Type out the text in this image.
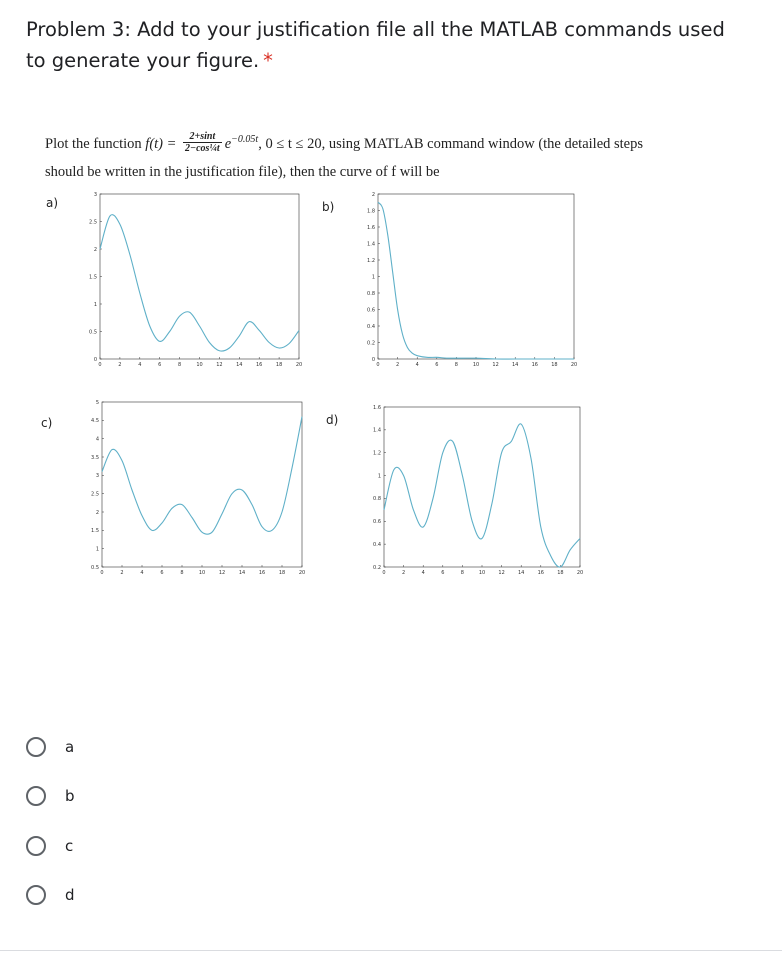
Problem 3: Add to your justification file all the MATLAB commands used to generate your figure. *
Plot the function $f(t) = \frac{2+\sin t}{\text{2−cos¼t}} e^{-0.05t}$, 0 ≤ t ≤ 20, using MATLAB command window (the detailed steps
should be written in the justification file), then the curve of f will be
a)	b)
c)	d)
0	2	4	6	8	10	12	14	16	18	20
0
0.5
1
1.5
2
2.5
3
0	2	4	6	8	10	12	14	16	18	20
0
0.2
0.4
0.6
0.8
1
1.2
1.4
1.6
1.8
2
0	2	4	6	8	10	12	14	16	18	20
0.5
1
1.5
2
2.5
3
3.5
4
4.5
5
0	2	4	6	8	10	12	14	16	18	20
0.2
0.4
0.6
0.8
1
1.2
1.4
1.6
a
b
c
d
